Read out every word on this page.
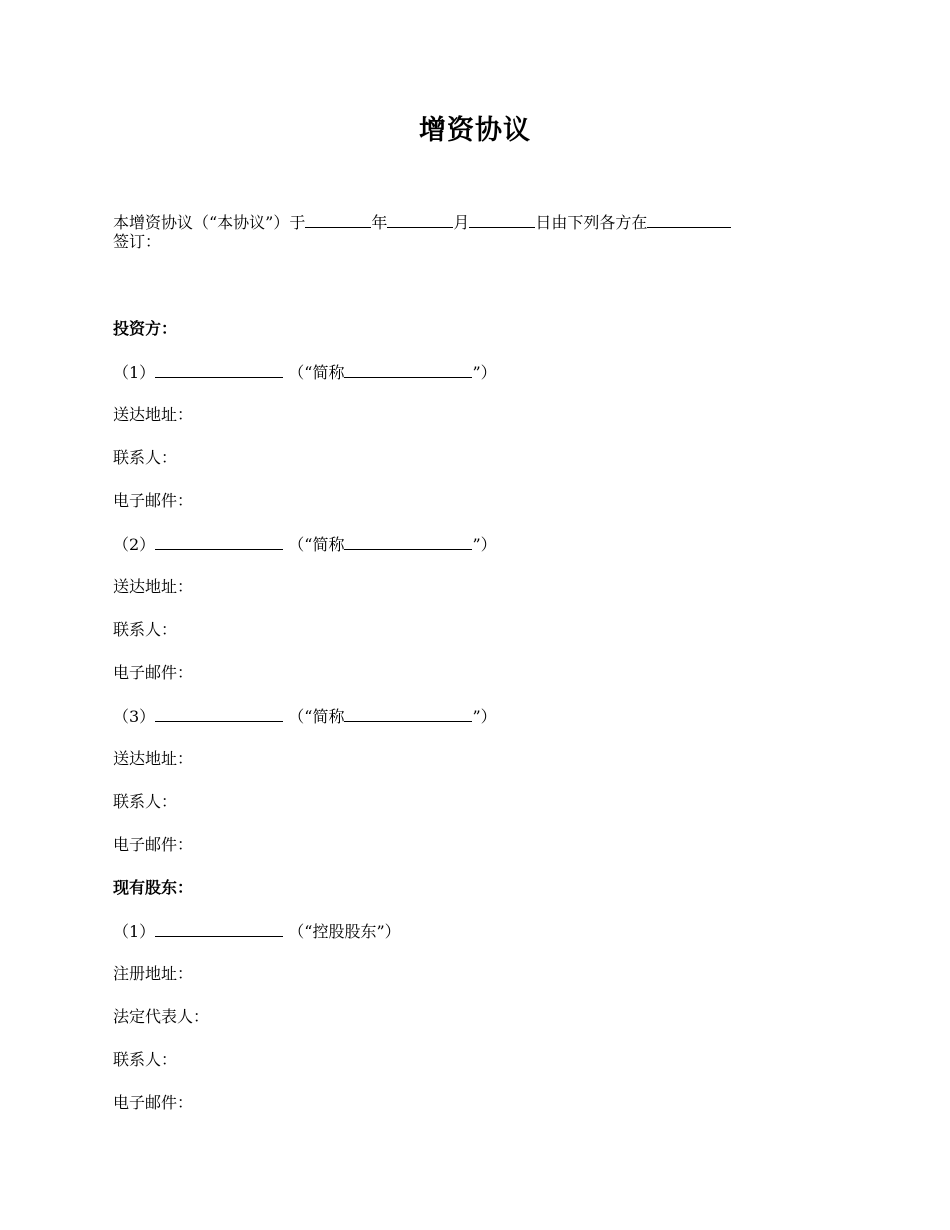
增资协议
本增资协议（“本协议”）于	年	月	日由下列各方在
签订：
投资方：
（1）	（“简称	”）
送达地址：
联系人：
电子邮件：
（2）	（“简称	”）
送达地址：
联系人：
电子邮件：
（3）	（“简称	”）
送达地址：
联系人：
电子邮件：
现有股东：
（1）	（“控股股东”）
注册地址：
法定代表人：
联系人：
电子邮件：
